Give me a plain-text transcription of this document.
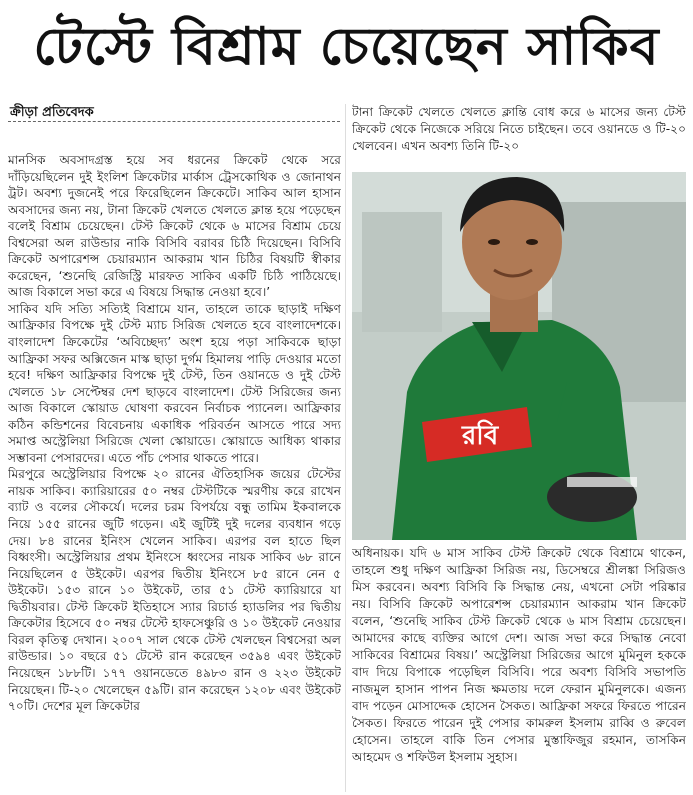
টেস্টে বিশ্রাম চেয়েছেন সাকিব
ক্রীড়া প্রতিবেদক

মানসিক অবসাদগ্রস্ত হয়ে সব ধরনের ক্রিকেট থেকে সরে দাঁড়িয়েছিলেন দুই ইংলিশ ক্রিকেটার মার্কাস ট্রেসকোথিক ও জোনাথন ট্রট। অবশ্য দুজনেই পরে ফিরেছিলেন ক্রিকেটে। সাকিব আল হাসান অবসাদের জন্য নয়, টানা ক্রিকেট খেলতে খেলতে ক্লান্ত হয়ে পড়েছেন বলেই বিশ্রাম চেয়েছেন। টেস্ট ক্রিকেট থেকে ৬ মাসের বিশ্রাম চেয়ে বিশ্বসেরা অল রাউন্ডার নাকি বিসিবি বরাবর চিঠি দিয়েছেন। বিসিবি ক্রিকেট অপারেশন্স চেয়ারম্যান আকরাম খান চিঠির বিষয়টি স্বীকার করেছেন, ‘শুনেছি রেজিস্ট্রি মারফত সাকিব একটি চিঠি পাঠিয়েছে। আজ বিকালে সভা করে এ বিষয়ে সিদ্ধান্ত নেওয়া হবে।’

সাকিব যদি সত্যি সত্যিই বিশ্রামে যান, তাহলে তাকে ছাড়াই দক্ষিণ আফ্রিকার বিপক্ষে দুই টেস্ট ম্যাচ সিরিজ খেলতে হবে বাংলাদেশকে। বাংলাদেশ ক্রিকেটের ‘অবিচ্ছেদ্য’ অংশ হয়ে পড়া সাকিবকে ছাড়া আফ্রিকা সফর অক্সিজেন মাস্ক ছাড়া দুর্গম হিমালয় পাড়ি দেওয়ার মতো হবে! দক্ষিণ আফ্রিকার বিপক্ষে দুই টেস্ট, তিন ওয়ানডে ও দুই টেস্ট খেলতে ১৮ সেপ্টেম্বর দেশ ছাড়বে বাংলাদেশ। টেস্ট সিরিজের জন্য আজ বিকালে স্কোয়াড ঘোষণা করবেন নির্বাচক প্যানেল। আফ্রিকার কঠিন কন্ডিশনের বিবেচনায় একাধিক পরিবর্তন আসতে পারে সদ্য সমাপ্ত অস্ট্রেলিয়া সিরিজে খেলা স্কোয়াডে। স্কোয়াডে আধিক্য থাকার সম্ভাবনা পেসারদের। এতে পাঁচ পেসার থাকতে পারে।

মিরপুরে অস্ট্রেলিয়ার বিপক্ষে ২০ রানের ঐতিহাসিক জয়ের টেস্টের নায়ক সাকিব। ক্যারিয়ারের ৫০ নম্বর টেস্টটিকে স্মরণীয় করে রাখেন ব্যাট ও বলের সৌকর্যে। দলের চরম বিপর্যয়ে বন্ধু তামিম ইকবালকে নিয়ে ১৫৫ রানের জুটি গড়েন। এই জুটিই দুই দলের ব্যবধান গড়ে দেয়। ৮৪ রানের ইনিংস খেলেন সাকিব। এরপর বল হাতে ছিল বিধ্বংসী। অস্ট্রেলিয়ার প্রথম ইনিংসে ধ্বংসের নায়ক সাকিব ৬৮ রানে নিয়েছিলেন ৫ উইকেট। এরপর দ্বিতীয় ইনিংসে ৮৫ রানে নেন ৫ উইকেট। ১৫৩ রানে ১০ উইকেট, তার ৫১ টেস্ট ক্যারিয়ারে যা দ্বিতীয়বার। টেস্ট ক্রিকেট ইতিহাসে স্যার রিচার্ড হ্যাডলির পর দ্বিতীয় ক্রিকেটার হিসেবে ৫০ নম্বর টেস্টে হাফসেঞ্চুরি ও ১০ উইকেট নেওয়ার বিরল কৃতিত্ব দেখান। ২০০৭ সাল থেকে টেস্ট খেলছেন বিশ্বসেরা অল রাউন্ডার। ১০ বছরে ৫১ টেস্টে রান করেছেন ৩৫৯৪ এবং উইকেট নিয়েছেন ১৮৮টি। ১৭৭ ওয়ানডেতে ৪৯৮৩ রান ও ২২৩ উইকেট নিয়েছেন। টি-২০ খেলেছেন ৫৯টি। রান করেছেন ১২০৮ এবং উইকেট ৭০টি। দেশের মূল ক্রিকেটার

টানা ক্রিকেট খেলতে খেলতে ক্লান্তি বোধ করে ৬ মাসের জন্য টেস্ট ক্রিকেট থেকে নিজেকে সরিয়ে নিতে চাইছেন। তবে ওয়ানডে ও টি-২০ খেলবেন। এখন অবশ্য তিনি টি-২০

রবি

অধিনায়ক। যদি ৬ মাস সাকিব টেস্ট ক্রিকেট থেকে বিশ্রামে থাকেন, তাহলে শুধু দক্ষিণ আফ্রিকা সিরিজ নয়, ডিসেম্বরে শ্রীলঙ্কা সিরিজও মিস করবেন। অবশ্য বিসিবি কি সিদ্ধান্ত নেয়, এখনো সেটা পরিষ্কার নয়। বিসিবি ক্রিকেট অপারেশন্স চেয়ারম্যান আকরাম খান ক্রিকেট বলেন, ‘শুনেছি সাকিব টেস্ট ক্রিকেট থেকে ৬ মাস বিশ্রাম চেয়েছেন। আমাদের কাছে ব্যক্তির আগে দেশ। আজ সভা করে সিদ্ধান্ত নেবো সাকিবের বিশ্রামের বিষয়।’ অস্ট্রেলিয়া সিরিজের আগে মুমিনুল হককে বাদ দিয়ে বিপাকে পড়েছিল বিসিবি। পরে অবশ্য বিসিবি সভাপতি নাজমুল হাসান পাপন নিজ ক্ষমতায় দলে ফেরান মুমিনুলকে। এজন্য বাদ পড়েন মোসাদ্দেক হোসেন সৈকত। আফ্রিকা সফরে ফিরতে পারেন সৈকত। ফিরতে পারেন দুই পেসার কামরুল ইসলাম রাব্বি ও রুবেল হোসেন। তাহলে বাকি তিন পেসার মুস্তাফিজুর রহমান, তাসকিন আহমেদ ও শফিউল ইসলাম সুহাস।
